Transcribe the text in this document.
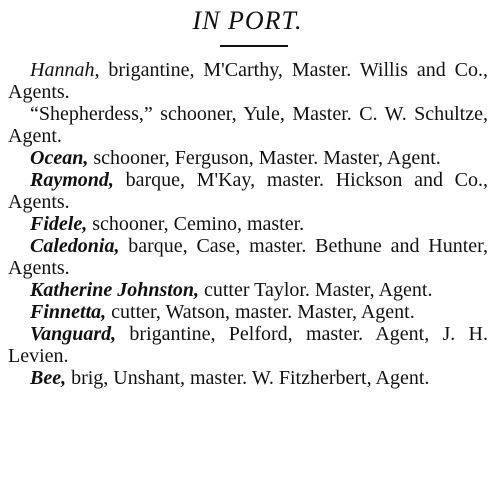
IN PORT.

Hannah, brigantine, M'Carthy, Master. Willis and Co., Agents.

“Shepherdess,” schooner, Yule, Master. C. W. Schultze, Agent.

Ocean, schooner, Ferguson, Master. Master, Agent.

Raymond, barque, M'Kay, master. Hickson and Co., Agents.

Fidele, schooner, Cemino, master.

Caledonia, barque, Case, master. Bethune and Hunter, Agents.

Katherine Johnston, cutter Taylor. Master, Agent.

Finnetta, cutter, Watson, master. Master, Agent.

Vanguard, brigantine, Pelford, master. Agent, J. H. Levien.

Bee, brig, Unshant, master. W. Fitzherbert, Agent.
